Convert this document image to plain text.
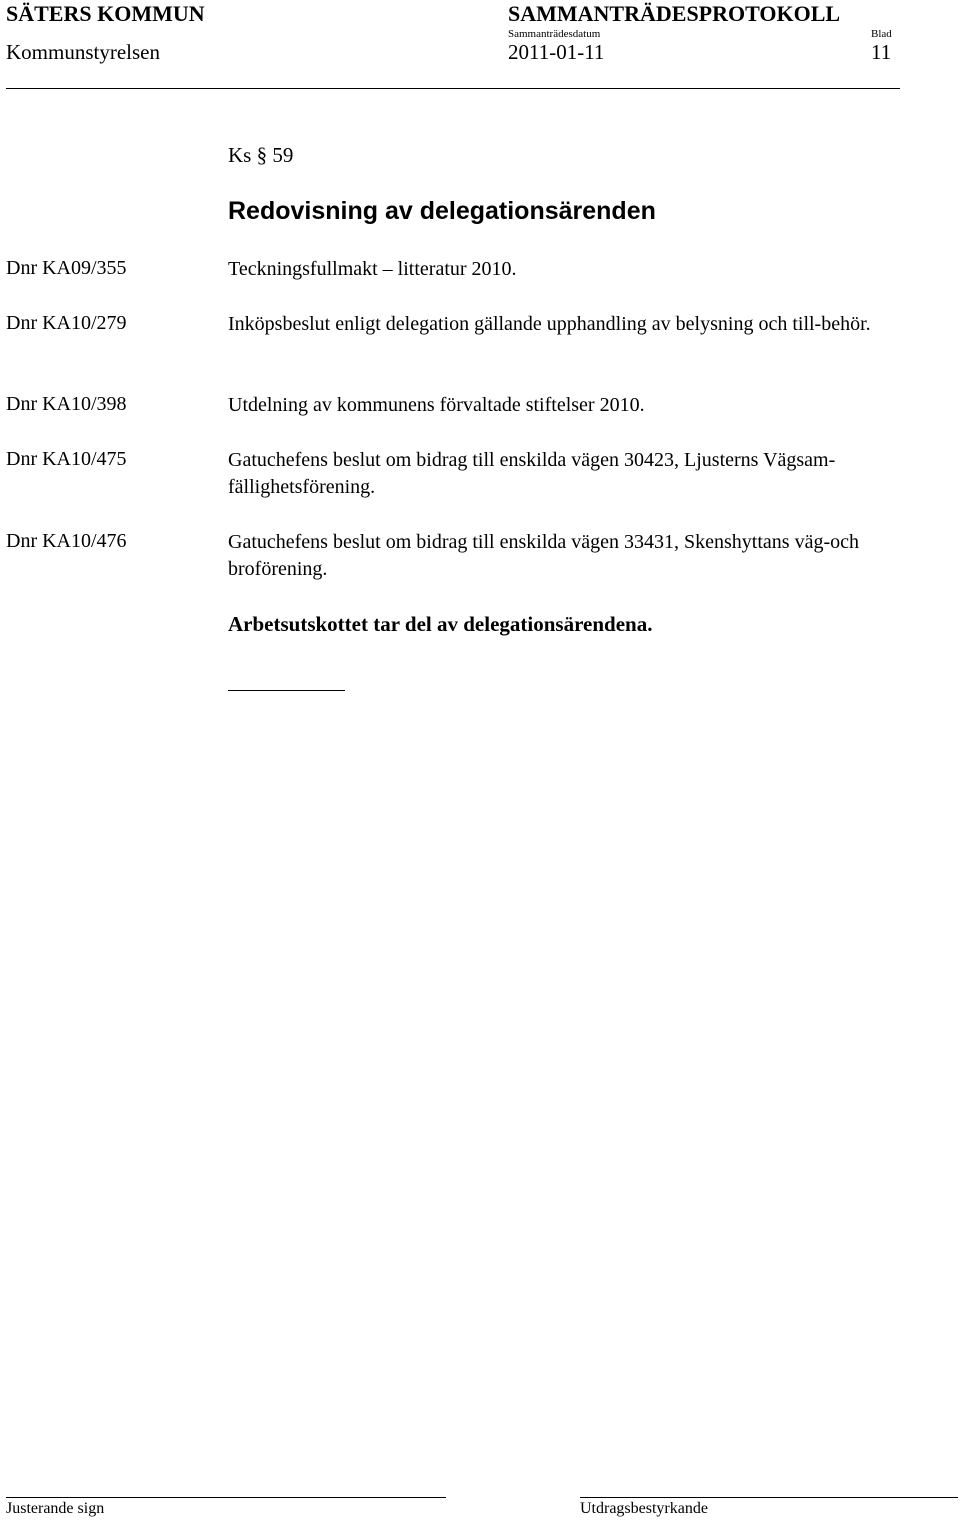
SÄTERS KOMMUN	SAMMANTRÄDESPROTOKOLL
Sammanträdesdatum	Blad
Kommunstyrelsen	2011-01-11	11
Ks § 59
Redovisning av delegationsärenden
Dnr KA09/355	Teckningsfullmakt – litteratur 2010.
Dnr KA10/279	Inköpsbeslut enligt delegation gällande upphandling av belysning och till-behör.
Dnr KA10/398	Utdelning av kommunens förvaltade stiftelser 2010.
Dnr KA10/475	Gatuchefens beslut om bidrag till enskilda vägen 30423, Ljusterns Vägsam-fällighetsförening.
Dnr KA10/476	Gatuchefens beslut om bidrag till enskilda vägen 33431, Skenshyttans väg-och broförening.
Arbetsutskottet tar del av delegationsärendena.
Justerande sign	Utdragsbestyrkande
